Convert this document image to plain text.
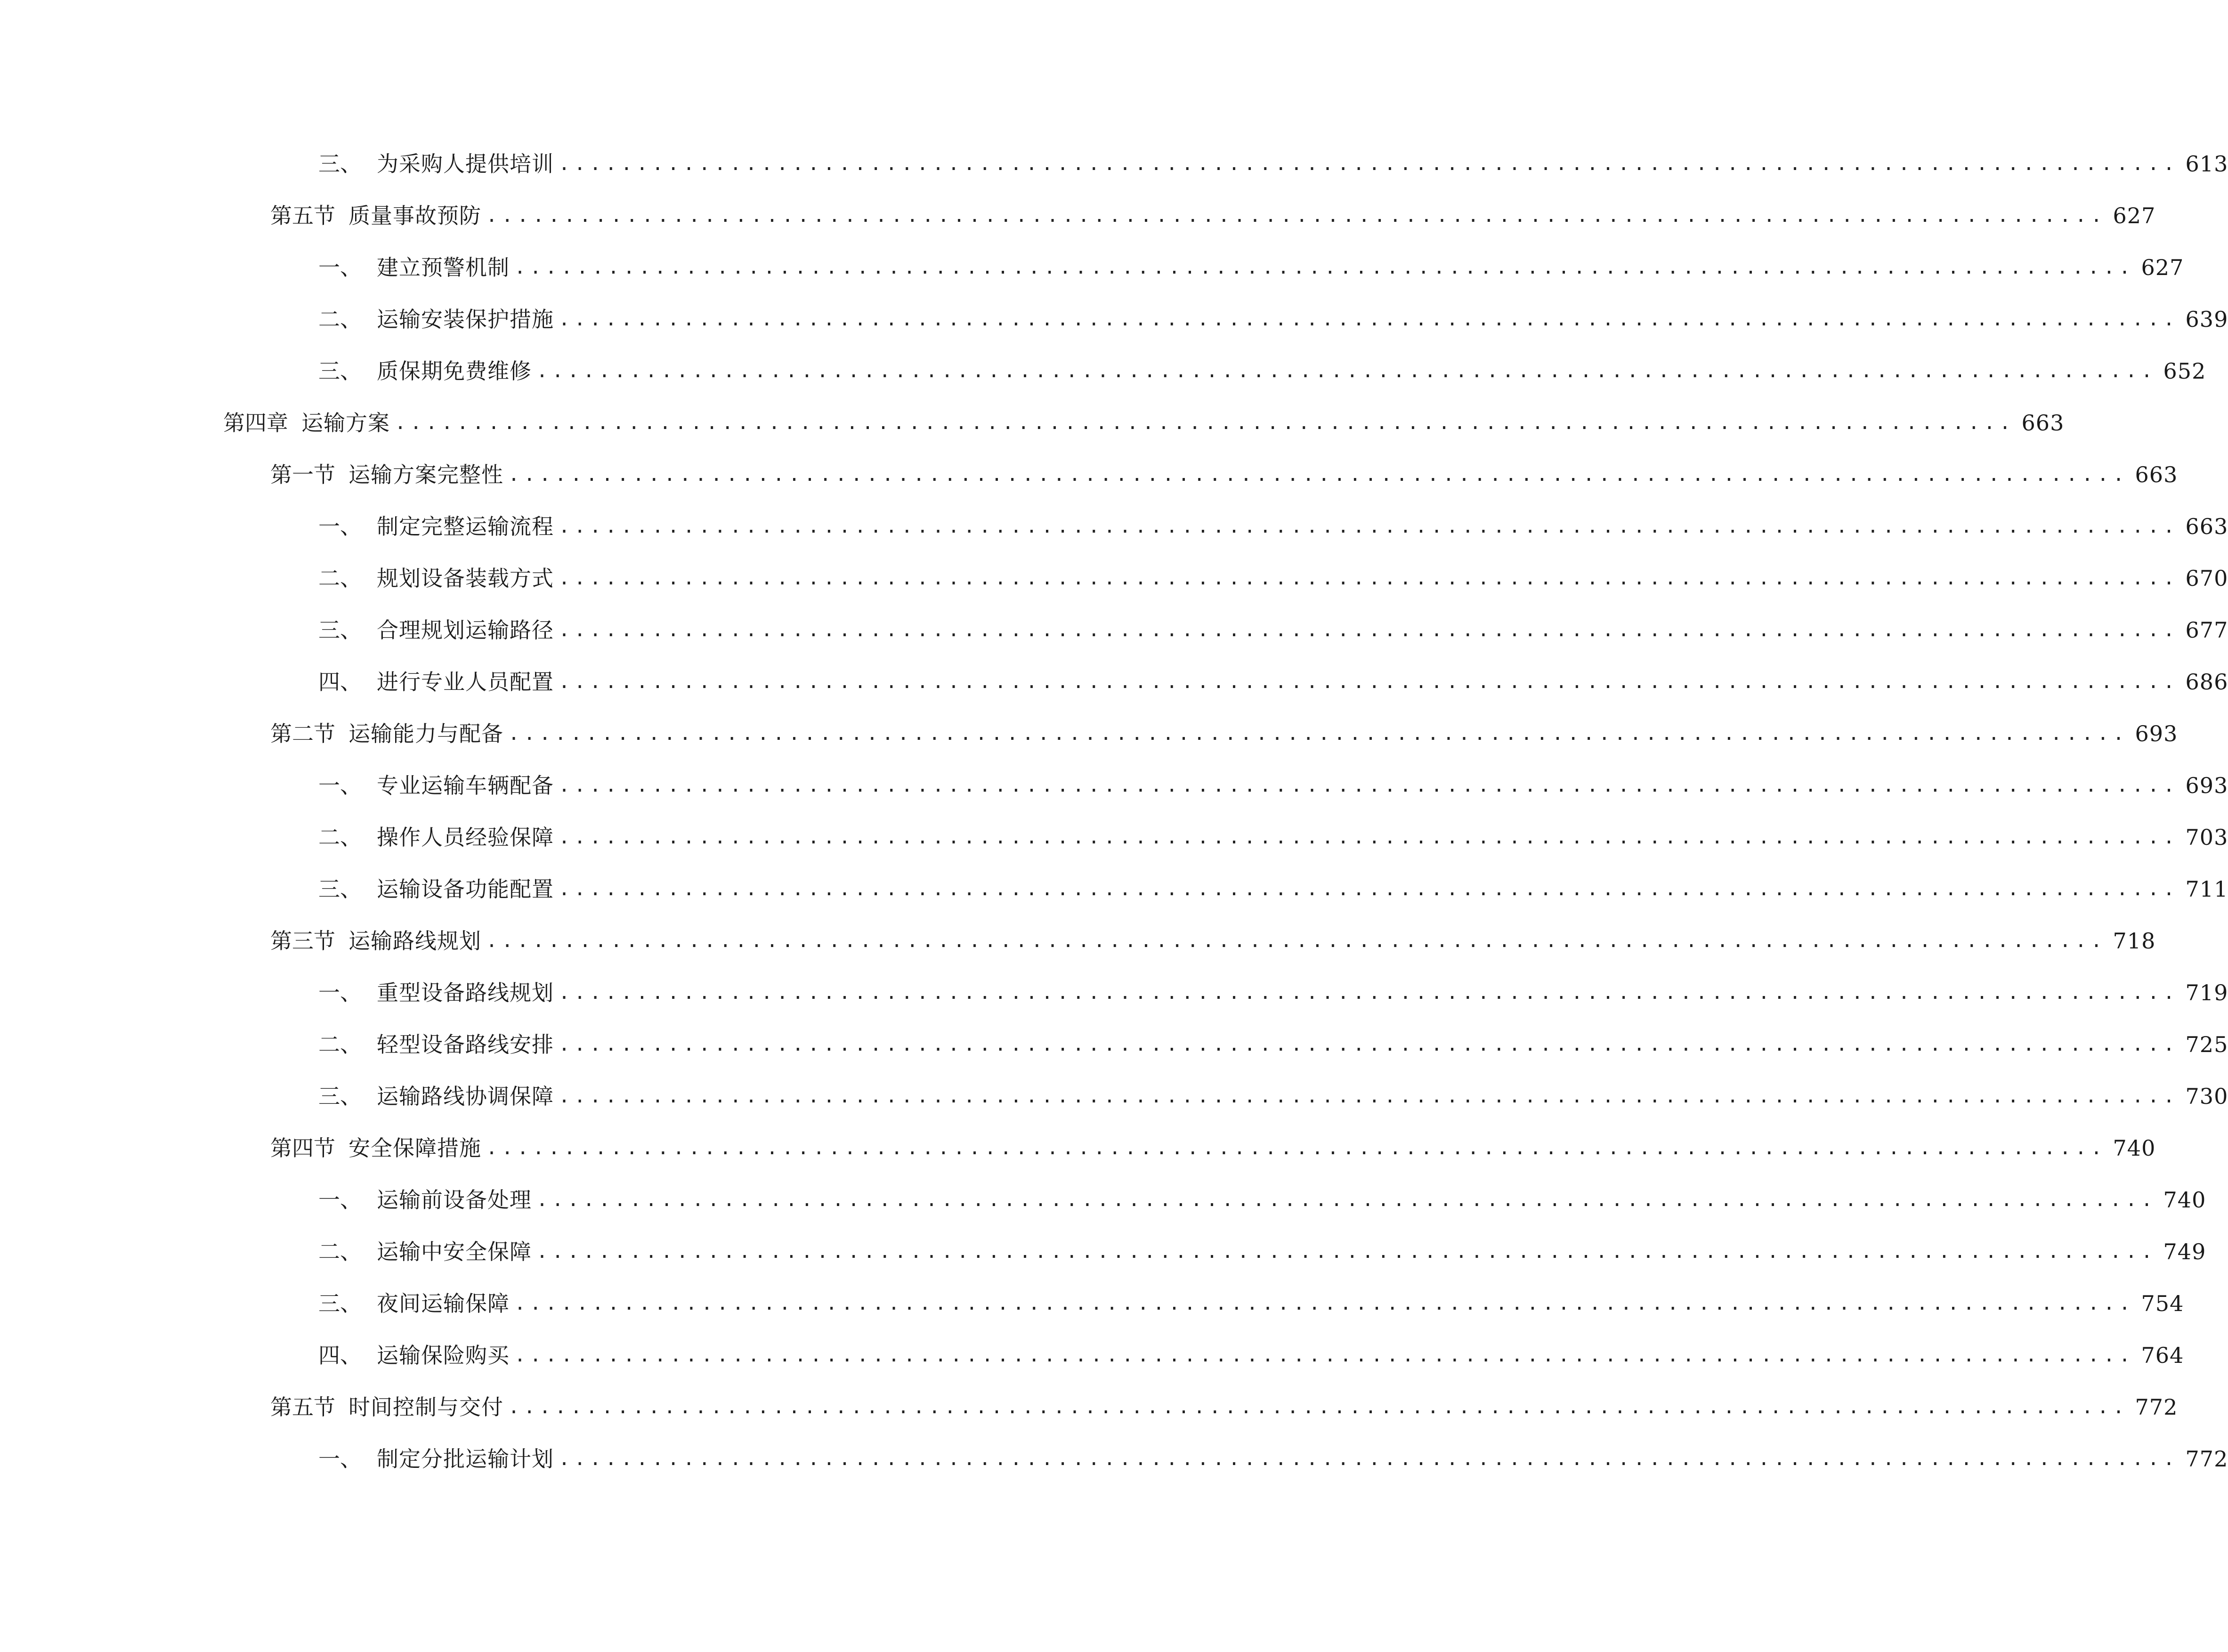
三、 为采购人提供培训 ........................................................................................................ 613
第五节 质量事故预防 ........................................................................................................ 627
一、 建立预警机制 ........................................................................................................ 627
二、 运输安装保护措施 ........................................................................................................ 639
三、 质保期免费维修 ........................................................................................................ 652
第四章 运输方案 ........................................................................................................ 663
第一节 运输方案完整性 ........................................................................................................ 663
一、 制定完整运输流程 ........................................................................................................ 663
二、 规划设备装载方式 ........................................................................................................ 670
三、 合理规划运输路径 ........................................................................................................ 677
四、 进行专业人员配置 ........................................................................................................ 686
第二节 运输能力与配备 ........................................................................................................ 693
一、 专业运输车辆配备 ........................................................................................................ 693
二、 操作人员经验保障 ........................................................................................................ 703
三、 运输设备功能配置 ........................................................................................................ 711
第三节 运输路线规划 ........................................................................................................ 718
一、 重型设备路线规划 ........................................................................................................ 719
二、 轻型设备路线安排 ........................................................................................................ 725
三、 运输路线协调保障 ........................................................................................................ 730
第四节 安全保障措施 ........................................................................................................ 740
一、 运输前设备处理 ........................................................................................................ 740
二、 运输中安全保障 ........................................................................................................ 749
三、 夜间运输保障 ........................................................................................................ 754
四、 运输保险购买 ........................................................................................................ 764
第五节 时间控制与交付 ........................................................................................................ 772
一、 制定分批运输计划 ........................................................................................................ 772
